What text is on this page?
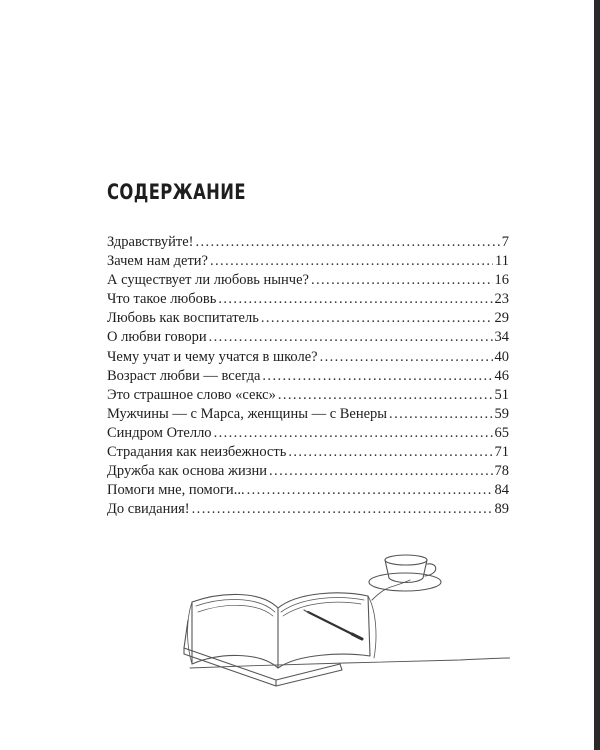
СОДЕРЖАНИЕ
Здравствуйте! .....	7
Зачем нам дети? .....	11
А существует ли любовь нынче? .....	16
Что такое любовь .....	23
Любовь как воспитатель .....	29
О любви говори .....	34
Чему учат и чему учатся в школе? .....	40
Возраст любви — всегда .....	46
Это страшное слово «секс» .....	51
Мужчины — с Марса, женщины — с Венеры .....	59
Синдром Отелло .....	65
Страдания как неизбежность .....	71
Дружба как основа жизни .....	78
Помоги мне, помоги... .....	84
До свидания! .....	89
